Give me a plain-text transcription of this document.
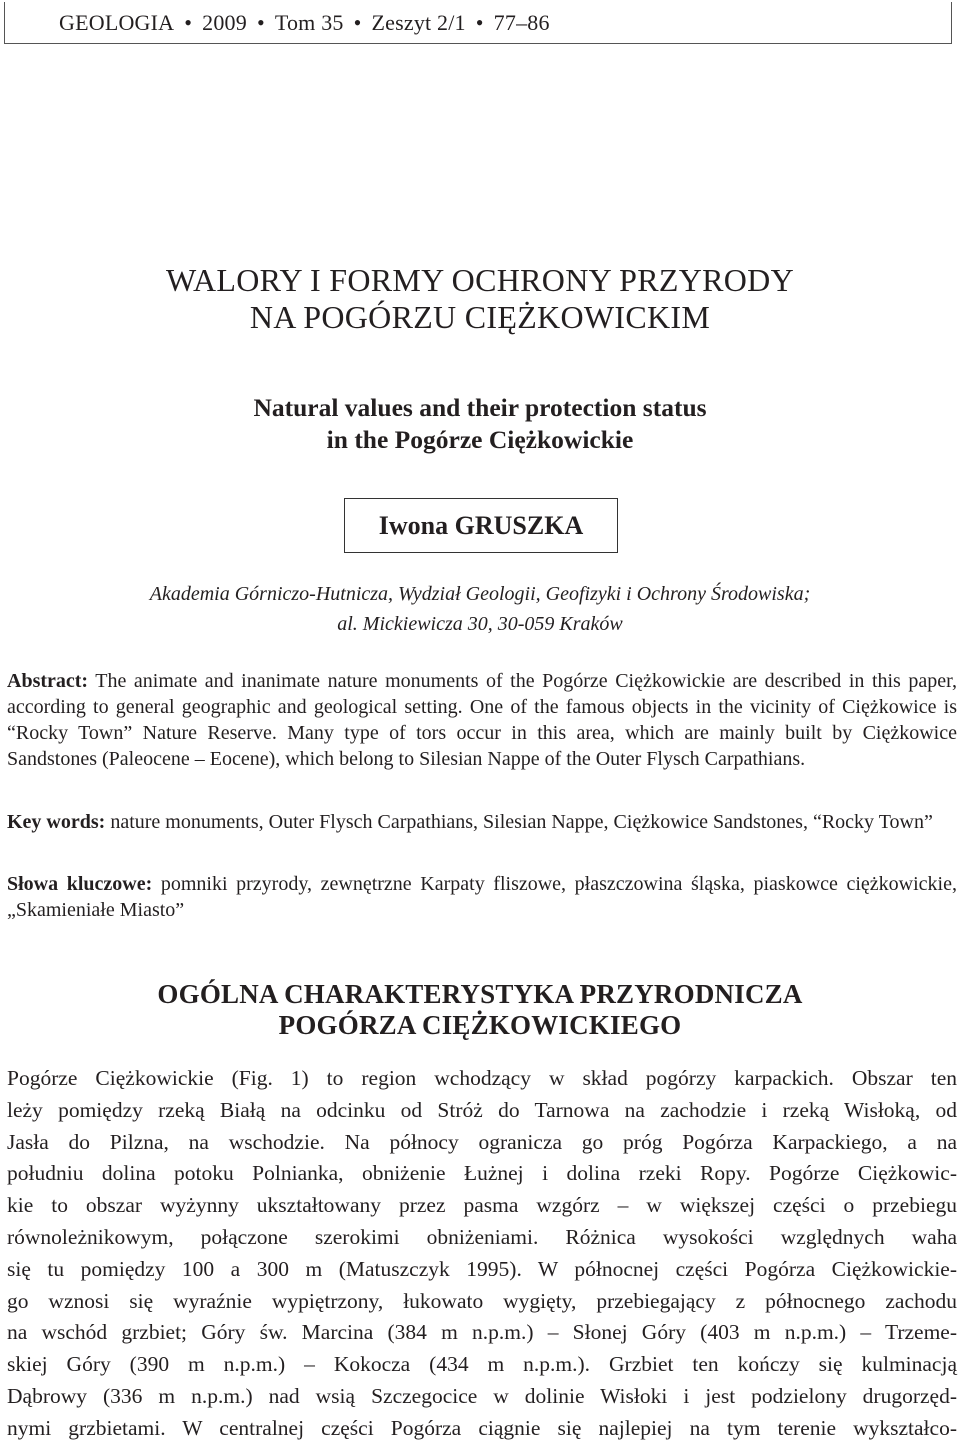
GEOLOGIA • 2009 • Tom 35 • Zeszyt 2/1 • 77–86
WALORY I FORMY OCHRONY PRZYRODY
NA POGÓRZU CIĘŻKOWICKIM
Natural values and their protection status
in the Pogórze Ciężkowickie
Iwona GRUSZKA
Akademia Górniczo-Hutnicza, Wydział Geologii, Geofizyki i Ochrony Środowiska;
al. Mickiewicza 30, 30-059 Kraków
Abstract: The animate and inanimate nature monuments of the Pogórze Ciężkowickie are described in this paper, according to general geographic and geological setting. One of the famous objects in the vicinity of Ciężkowice is “Rocky Town” Nature Reserve. Many type of tors occur in this area, which are mainly built by Ciężkowice Sandstones (Paleocene – Eocene), which belong to Silesian Nappe of the Outer Flysch Carpathians.
Key words: nature monuments, Outer Flysch Carpathians, Silesian Nappe, Ciężkowice Sandstones, “Rocky Town”
Słowa kluczowe: pomniki przyrody, zewnętrzne Karpaty fliszowe, płaszczowina śląska, piaskowce ciężkowickie, „Skamieniałe Miasto”
OGÓLNA CHARAKTERYSTYKA PRZYRODNICZA
POGÓRZA CIĘŻKOWICKIEGO
Pogórze Ciężkowickie (Fig. 1) to region wchodzący w skład pogórzy karpackich. Obszar ten
leży pomiędzy rzeką Białą na odcinku od Stróż do Tarnowa na zachodzie i rzeką Wisłoką, od
Jasła do Pilzna, na wschodzie. Na północy ogranicza go próg Pogórza Karpackiego, a na
południu dolina potoku Polnianka, obniżenie Łużnej i dolina rzeki Ropy. Pogórze Ciężkowic-
kie to obszar wyżynny ukształtowany przez pasma wzgórz – w większej części o przebiegu
równoleżnikowym, połączone szerokimi obniżeniami. Różnica wysokości względnych waha
się tu pomiędzy 100 a 300 m (Matuszczyk 1995). W północnej części Pogórza Ciężkowickie-
go wznosi się wyraźnie wypiętrzony, łukowato wygięty, przebiegający z północnego zachodu
na wschód grzbiet; Góry św. Marcina (384 m n.p.m.) – Słonej Góry (403 m n.p.m.) – Trzeme-
skiej Góry (390 m n.p.m.) – Kokocza (434 m n.p.m.). Grzbiet ten kończy się kulminacją
Dąbrowy (336 m n.p.m.) nad wsią Szczegocice w dolinie Wisłoki i jest podzielony drugorzęd-
nymi grzbietami. W centralnej części Pogórza ciągnie się najlepiej na tym terenie wykształco-
